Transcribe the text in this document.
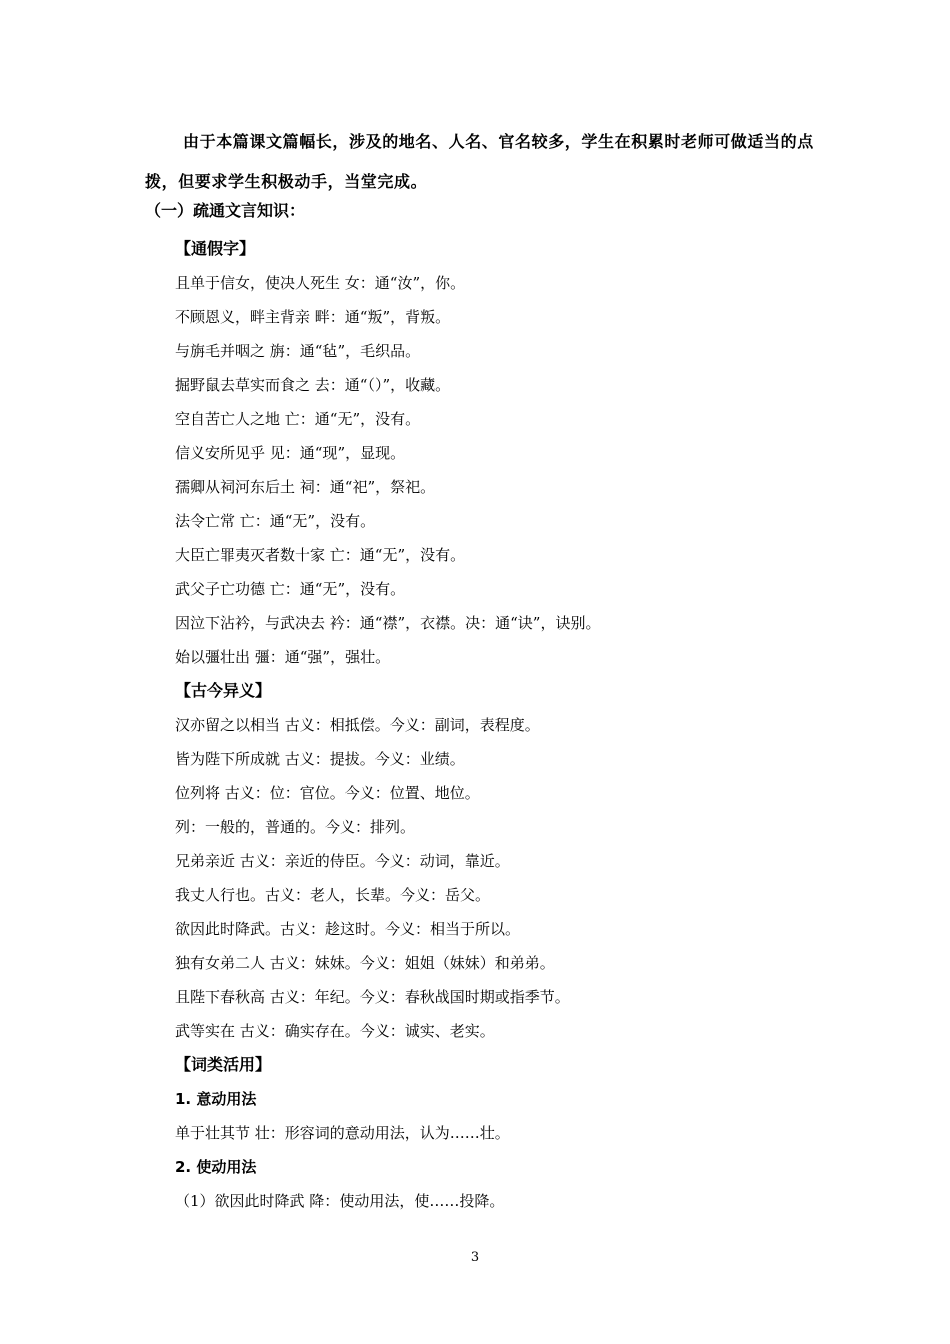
由于本篇课文篇幅长，涉及的地名、人名、官名较多，学生在积累时老师可做适当的点拨，但要求学生积极动手，当堂完成。

（一）疏通文言知识：

【通假字】
且单于信女，使决人死生 女：通“汝”，你。
不顾恩义，畔主背亲 畔：通“叛”，背叛。
与旃毛并咽之 旃：通“毡”，毛织品。
掘野鼠去草实而食之 去：通“（）”，收藏。
空自苦亡人之地 亡：通“无”，没有。
信义安所见乎 见：通“现”，显现。
孺卿从祠河东后土 祠：通“祀”，祭祀。
法令亡常 亡：通“无”，没有。
大臣亡罪夷灭者数十家 亡：通“无”，没有。
武父子亡功德 亡：通“无”，没有。
因泣下沾衿，与武决去 衿：通“襟”，衣襟。决：通“诀”，诀别。
始以彊壮出 彊：通“强”，强壮。
【古今异义】
汉亦留之以相当 古义：相抵偿。今义：副词，表程度。
皆为陛下所成就 古义：提拔。今义：业绩。
位列将 古义：位：官位。今义：位置、地位。
列：一般的，普通的。今义：排列。
兄弟亲近 古义：亲近的侍臣。今义：动词，靠近。
我丈人行也。古义：老人，长辈。今义：岳父。
欲因此时降武。古义：趁这时。今义：相当于所以。
独有女弟二人 古义：妹妹。今义：姐姐（妹妹）和弟弟。
且陛下春秋高 古义：年纪。今义：春秋战国时期或指季节。
武等实在 古义：确实存在。今义：诚实、老实。
【词类活用】
1. 意动用法
单于壮其节 壮：形容词的意动用法，认为……壮。
2. 使动用法
（1）欲因此时降武 降：使动用法，使……投降。
3
